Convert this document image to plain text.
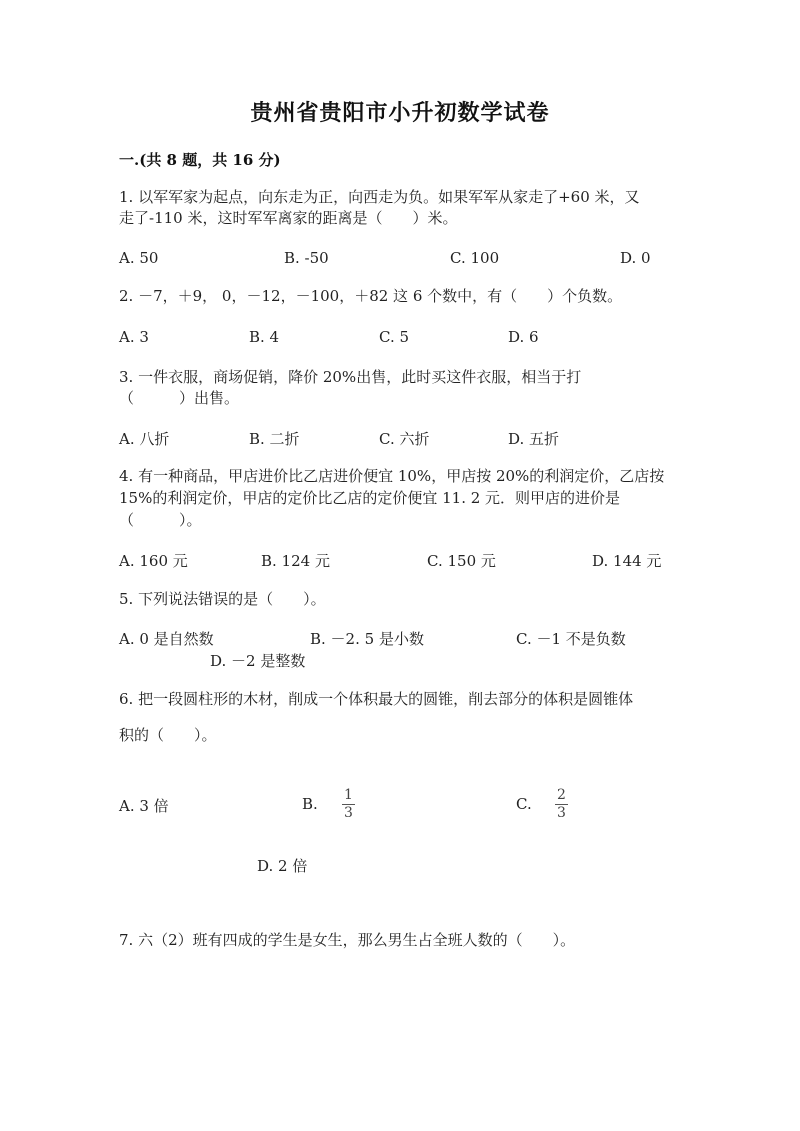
贵州省贵阳市小升初数学试卷
一.(共 8 题，共 16 分)
1. 以军军家为起点，向东走为正，向西走为负。如果军军从家走了+60 米，又
走了-110 米，这时军军离家的距离是（　　）米。
A. 50	B. -50	C. 100	D. 0
2. －7，＋9， 0，－12，－100，＋82 这 6 个数中，有（　　）个负数。
A. 3	B. 4	C. 5	D. 6
3. 一件衣服，商场促销，降价 20%出售，此时买这件衣服，相当于打
（　　　）出售。
A. 八折	B. 二折	C. 六折	D. 五折
4. 有一种商品，甲店进价比乙店进价便宜 10%，甲店按 20%的利润定价，乙店按
15%的利润定价，甲店的定价比乙店的定价便宜 11. 2 元．则甲店的进价是
（　　　）。
A. 160 元	B. 124 元	C. 150 元	D. 144 元
5. 下列说法错误的是（　　）。
A. 0 是自然数	B. －2. 5 是小数	C. －1 不是负数
D. －2 是整数
6. 把一段圆柱形的木材，削成一个体积最大的圆锥，削去部分的体积是圆锥体
积的（　　）。
A. 3 倍	B. $\frac{1}{3}$	C. $\frac{2}{3}$
D. 2 倍
7. 六（2）班有四成的学生是女生，那么男生占全班人数的（　　）。
